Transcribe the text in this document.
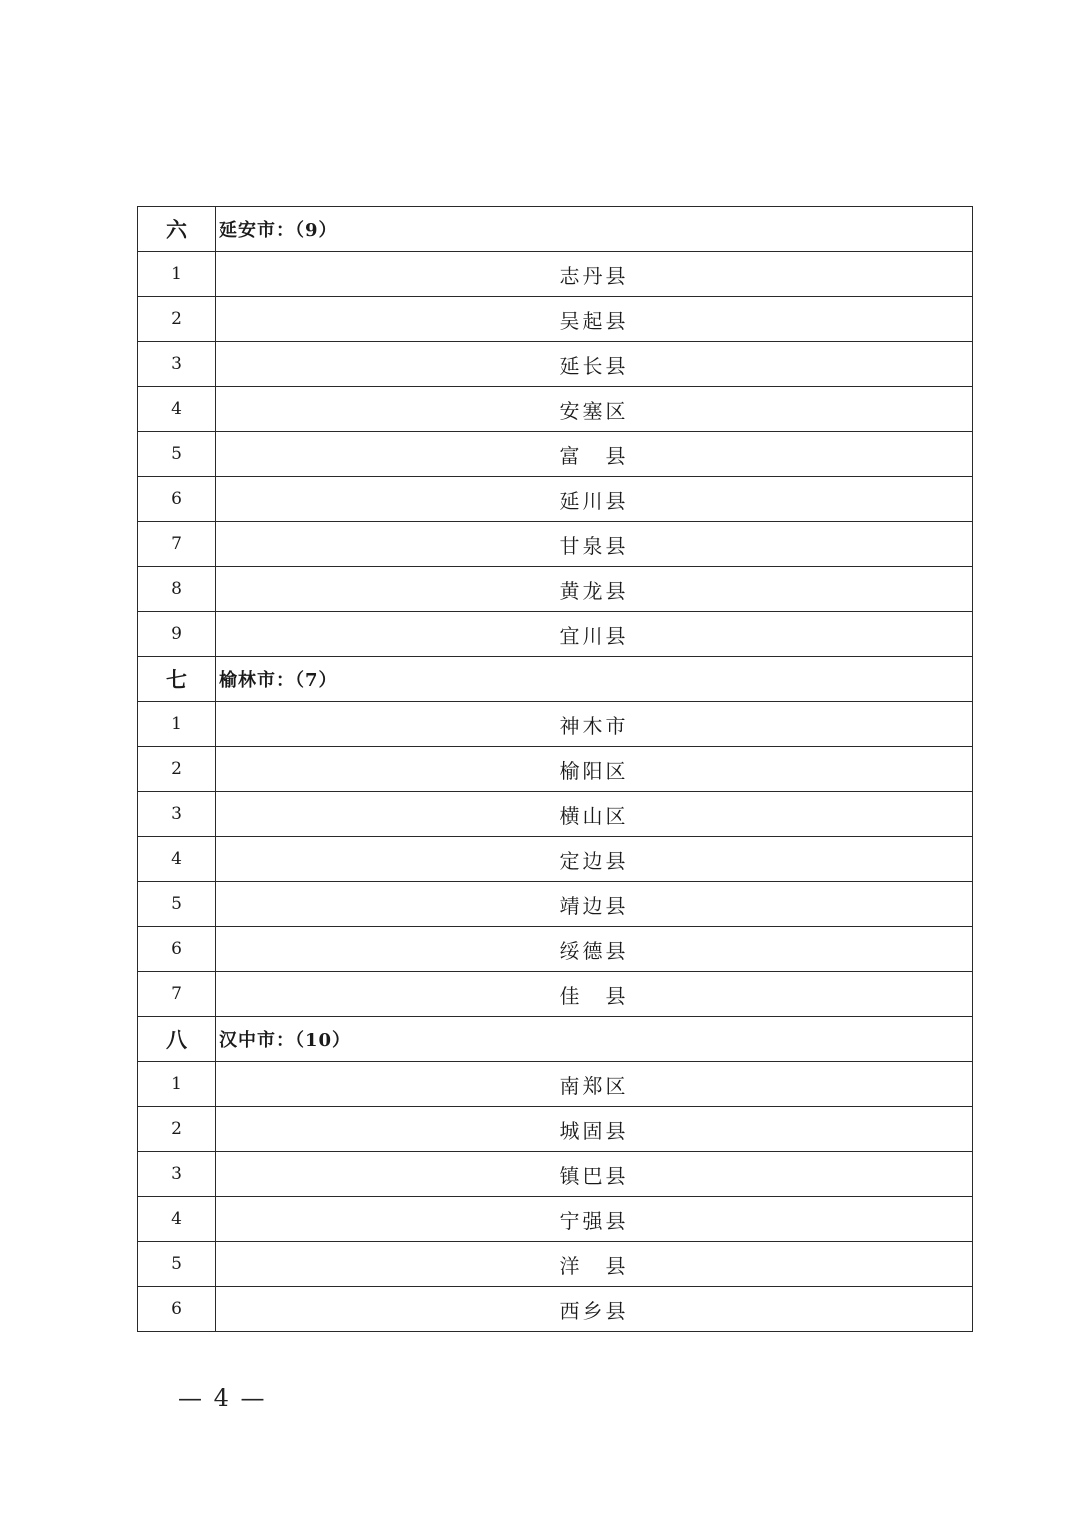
六	延安市：（9）
1	志丹县
2	吴起县
3	延长县
4	安塞区
5	富　县
6	延川县
7	甘泉县
8	黄龙县
9	宜川县
七	榆林市：（7）
1	神木市
2	榆阳区
3	横山区
4	定边县
5	靖边县
6	绥德县
7	佳　县
八	汉中市：（10）
1	南郑区
2	城固县
3	镇巴县
4	宁强县
5	洋　县
6	西乡县
— 4 —
